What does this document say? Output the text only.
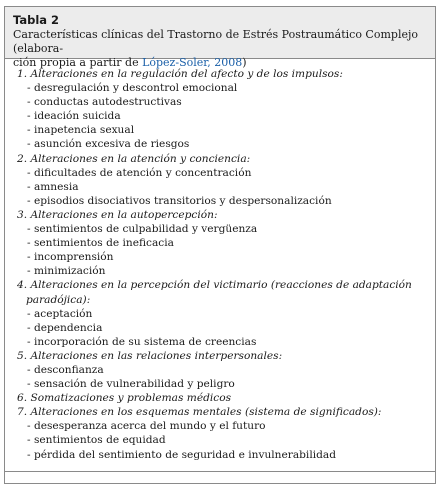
Tabla 2
Características clínicas del Trastorno de Estrés Postraumático Complejo (elabora-
ción propia a partir de López-Soler, 2008)
1. Alteraciones en la regulación del afecto y de los impulsos:
- desregulación y descontrol emocional
- conductas autodestructivas
- ideación suicida
- inapetencia sexual
- asunción excesiva de riesgos
2. Alteraciones en la atención y conciencia:
- dificultades de atención y concentración
- amnesia
- episodios disociativos transitorios y despersonalización
3. Alteraciones en la autopercepción:
- sentimientos de culpabilidad y vergüenza
- sentimientos de ineficacia
- incomprensión
- minimización
4. Alteraciones en la percepción del victimario (reacciones de adaptación
paradójica):
- aceptación
- dependencia
- incorporación de su sistema de creencias
5. Alteraciones en las relaciones interpersonales:
- desconfianza
- sensación de vulnerabilidad y peligro
6. Somatizaciones y problemas médicos
7. Alteraciones en los esquemas mentales (sistema de significados):
- desesperanza acerca del mundo y el futuro
- sentimientos de equidad
- pérdida del sentimiento de seguridad e invulnerabilidad
